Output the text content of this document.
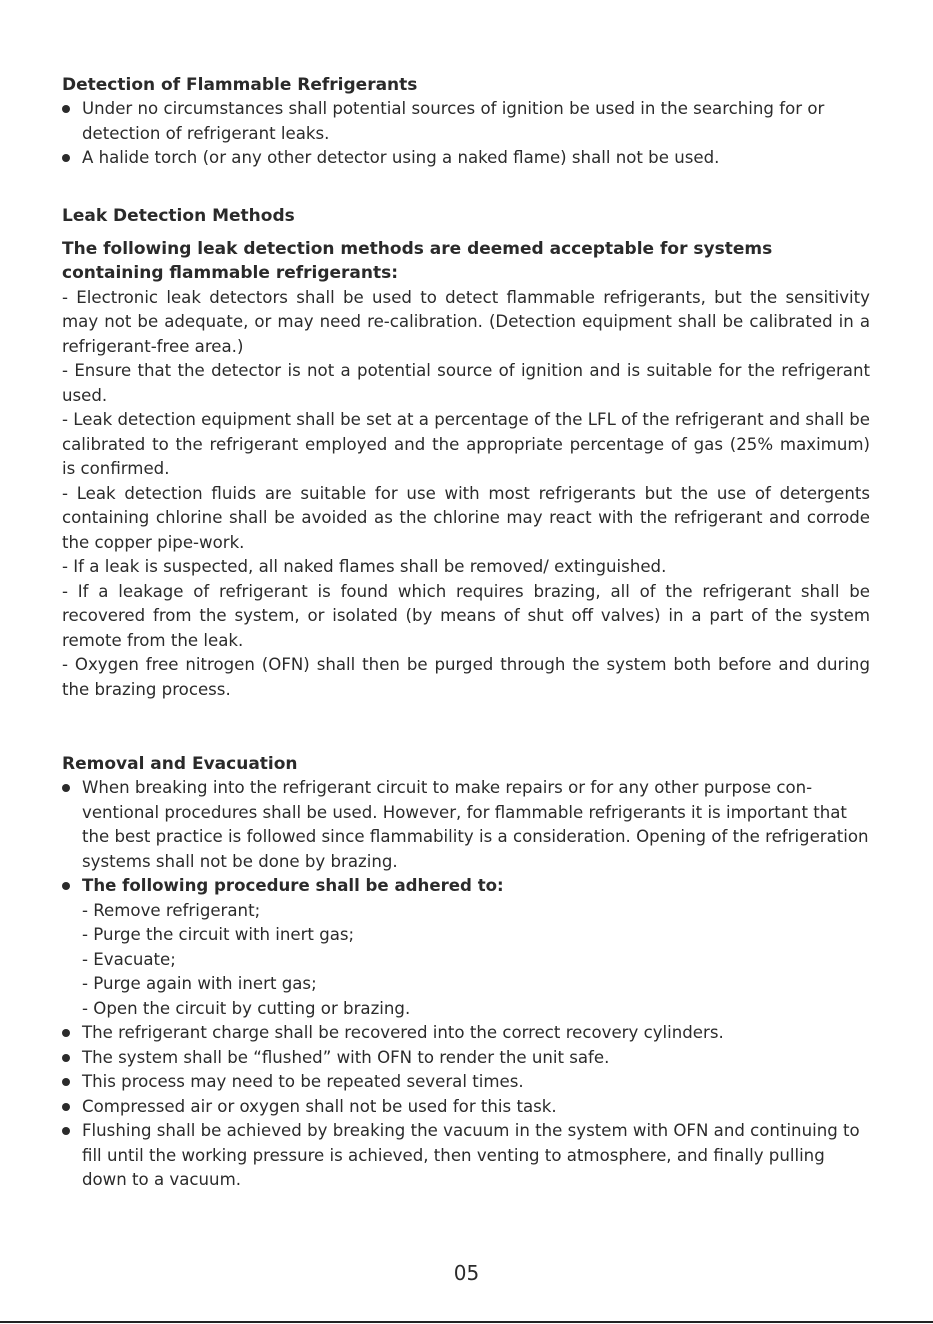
Detection of Flammable Refrigerants
Under no circumstances shall potential sources of ignition be used in the searching for or detection of refrigerant leaks.
A halide torch (or any other detector using a naked flame) shall not be used.
Leak Detection Methods

The following leak detection methods are deemed acceptable for systems containing flammable refrigerants:

- Electronic leak detectors shall be used to detect flammable refrigerants, but the sensitivity may not be adequate, or may need re-calibration. (Detection equipment shall be calibrated in a refrigerant-free area.)

- Ensure that the detector is not a potential source of ignition and is suitable for the refrigerant used.

- Leak detection equipment shall be set at a percentage of the LFL of the refrigerant and shall be calibrated to the refrigerant employed and the appropriate percentage of gas (25% maximum) is confirmed.

- Leak detection fluids are suitable for use with most refrigerants but the use of detergents containing chlorine shall be avoided as the chlorine may react with the refrigerant and corrode the copper pipe-work.

- If a leak is suspected, all naked flames shall be removed/ extinguished.

- If a leakage of refrigerant is found which requires brazing, all of the refrigerant shall be recovered from the system, or isolated (by means of shut off valves) in a part of the system remote from the leak.

- Oxygen free nitrogen (OFN) shall then be purged through the system both before and during the brazing process.

Removal and Evacuation
When breaking into the refrigerant circuit to make repairs or for any other purpose con-ventional procedures shall be used. However, for flammable refrigerants it is important that the best practice is followed since flammability is a consideration. Opening of the refrigeration systems shall not be done by brazing.
The following procedure shall be adhered to:
- Remove refrigerant;
- Purge the circuit with inert gas;
- Evacuate;
- Purge again with inert gas;
- Open the circuit by cutting or brazing.
The refrigerant charge shall be recovered into the correct recovery cylinders.
The system shall be “flushed” with OFN to render the unit safe.
This process may need to be repeated several times.
Compressed air or oxygen shall not be used for this task.
Flushing shall be achieved by breaking the vacuum in the system with OFN and continuing to fill until the working pressure is achieved, then venting to atmosphere, and finally pulling down to a vacuum.
05
